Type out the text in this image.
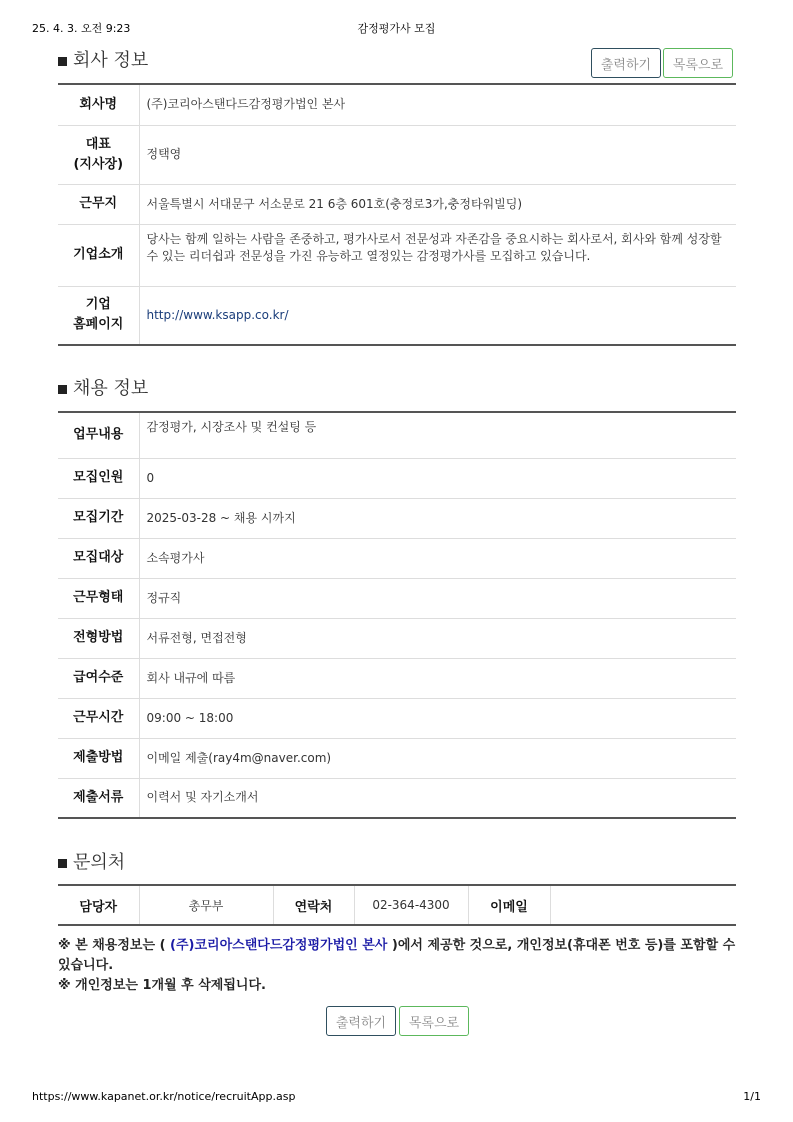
25. 4. 3. 오전 9:23	감정평가사 모집
회사 정보	출력하기	목록으로
회사명	(주)코리아스탠다드감정평가법인 본사

대표
(지사장)	정택영
근무지	서울특별시 서대문구 서소문로 21 6층 601호(충정로3가,충정타워빌딩)
기업소개	당사는 함께 일하는 사람을 존중하고, 평가사로서 전문성과 자존감을 중요시하는 회사로서, 회사와 함께 성장할 수 있는 리더쉽과 전문성을 가진 유능하고 열정있는 감정평가사를 모집하고 있습니다.

기업
홈페이지	http://www.ksapp.co.kr/
채용 정보
업무내용	감정평가, 시장조사 및 컨설팅 등
모집인원	0
모집기간	2025-03-28 ~ 채용 시까지
모집대상	소속평가사
근무형태	정규직
전형방법	서류전형, 면접전형
급여수준	회사 내규에 따름
근무시간	09:00 ~ 18:00
제출방법	이메일 제출(ray4m@naver.com)
제출서류	이력서 및 자기소개서
문의처
담당자	총무부	연락처	02-364-4300	이메일	
※ 본 채용정보는 ( (주)코리아스탠다드감정평가법인 본사 )에서 제공한 것으로, 개인정보(휴대폰 번호 등)를 포함할 수 있습니다.
※ 개인정보는 1개월 후 삭제됩니다.
출력하기	목록으로
https://www.kapanet.or.kr/notice/recruitApp.asp	1/1
